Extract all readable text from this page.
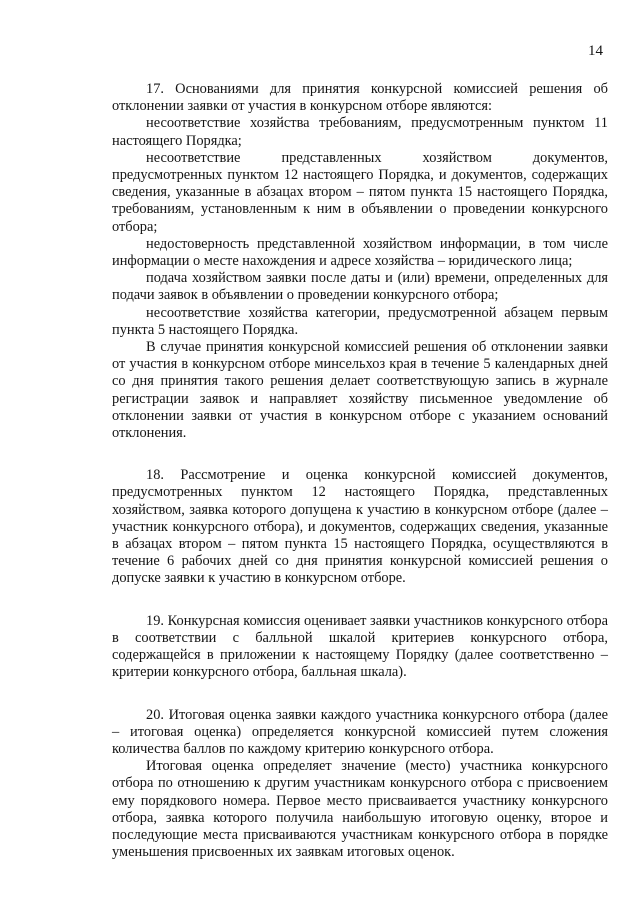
14

17. Основаниями для принятия конкурсной комиссией решения об отклонении заявки от участия в конкурсном отборе являются:

несоответствие хозяйства требованиям, предусмотренным пунктом 11 настоящего Порядка;

несоответствие представленных хозяйством документов, предусмотренных пунктом 12 настоящего Порядка, и документов, содержащих сведения, указанные в абзацах втором – пятом пункта 15 настоящего Порядка, требованиям, установленным к ним в объявлении о проведении конкурсного отбора;

недостоверность представленной хозяйством информации, в том числе информации о месте нахождения и адресе хозяйства – юридического лица;

подача хозяйством заявки после даты и (или) времени, определенных для подачи заявок в объявлении о проведении конкурсного отбора;

несоответствие хозяйства категории, предусмотренной абзацем первым пункта 5 настоящего Порядка.

В случае принятия конкурсной комиссией решения об отклонении заявки от участия в конкурсном отборе минсельхоз края в течение 5 календарных дней со дня принятия такого решения делает соответствующую запись в журнале регистрации заявок и направляет хозяйству письменное уведомление об отклонении заявки от участия в конкурсном отборе с указанием оснований отклонения.

18. Рассмотрение и оценка конкурсной комиссией документов, предусмотренных пунктом 12 настоящего Порядка, представленных хозяйством, заявка которого допущена к участию в конкурсном отборе (далее – участник конкурсного отбора), и документов, содержащих сведения, указанные в абзацах втором – пятом пункта 15 настоящего Порядка, осуществляются в течение 6 рабочих дней со дня принятия конкурсной комиссией решения о допуске заявки к участию в конкурсном отборе.

19. Конкурсная комиссия оценивает заявки участников конкурсного отбора в соответствии с балльной шкалой критериев конкурсного отбора, содержащейся в приложении к настоящему Порядку (далее соответственно – критерии конкурсного отбора, балльная шкала).

20. Итоговая оценка заявки каждого участника конкурсного отбора (далее – итоговая оценка) определяется конкурсной комиссией путем сложения количества баллов по каждому критерию конкурсного отбора.

Итоговая оценка определяет значение (место) участника конкурсного отбора по отношению к другим участникам конкурсного отбора с присвоением ему порядкового номера. Первое место присваивается участнику конкурсного отбора, заявка которого получила наибольшую итоговую оценку, второе и последующие места присваиваются участникам конкурсного отбора в порядке уменьшения присвоенных их заявкам итоговых оценок.
